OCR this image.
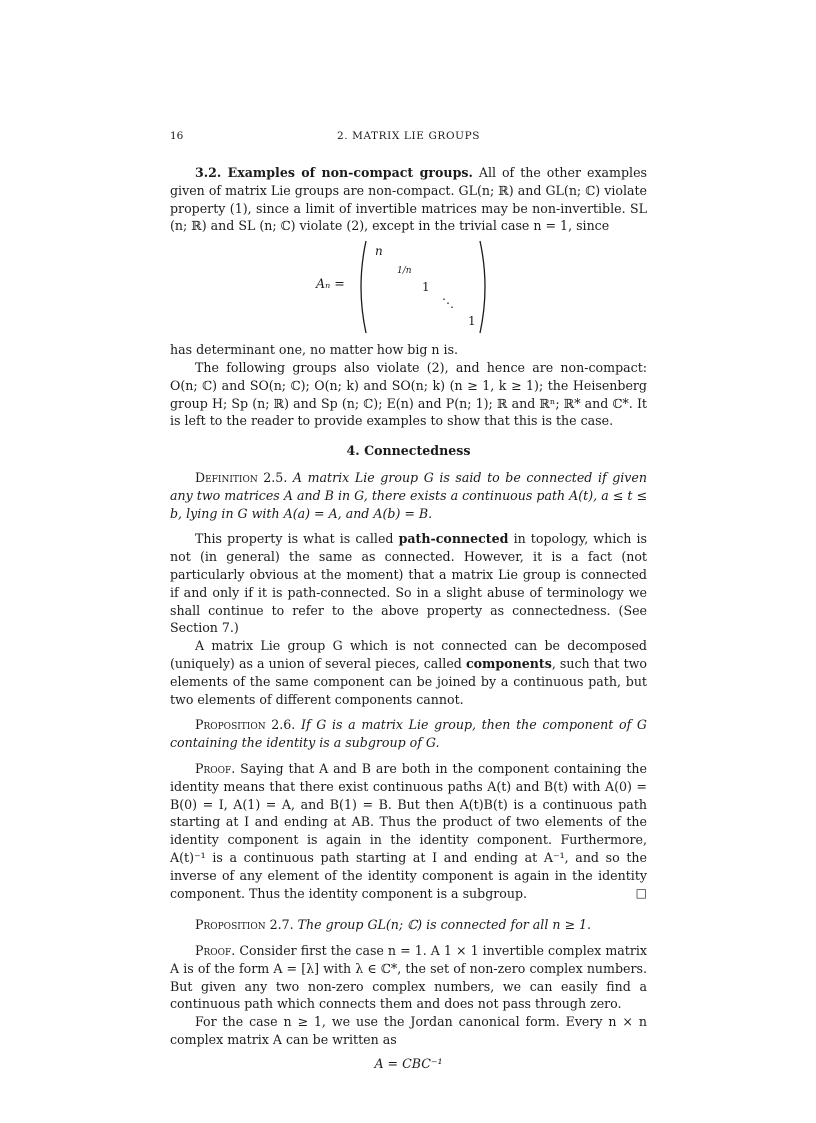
16	2. MATRIX LIE GROUPS

3.2. Examples of non-compact groups. All of the other examples given of matrix Lie groups are non-compact. GL(n; ℝ) and GL(n; ℂ) violate property (1), since a limit of invertible matrices may be non-invertible. SL (n; ℝ) and SL (n; ℂ) violate (2), except in the trivial case n = 1, since

Aₙ =
n
1/n
1
⋱
1

has determinant one, no matter how big n is.

The following groups also violate (2), and hence are non-compact: O(n; ℂ) and SO(n; ℂ); O(n; k) and SO(n; k) (n ≥ 1, k ≥ 1); the Heisenberg group H; Sp (n; ℝ) and Sp (n; ℂ); E(n) and P(n; 1); ℝ and ℝⁿ; ℝ* and ℂ*. It is left to the reader to provide examples to show that this is the case.

4. Connectedness

Definition 2.5. A matrix Lie group G is said to be connected if given any two matrices A and B in G, there exists a continuous path A(t), a ≤ t ≤ b, lying in G with A(a) = A, and A(b) = B.

This property is what is called path-connected in topology, which is not (in general) the same as connected. However, it is a fact (not particularly obvious at the moment) that a matrix Lie group is connected if and only if it is path-connected. So in a slight abuse of terminology we shall continue to refer to the above property as connectedness. (See Section 7.)

A matrix Lie group G which is not connected can be decomposed (uniquely) as a union of several pieces, called components, such that two elements of the same component can be joined by a continuous path, but two elements of different components cannot.

Proposition 2.6. If G is a matrix Lie group, then the component of G containing the identity is a subgroup of G.

Proof. Saying that A and B are both in the component containing the identity means that there exist continuous paths A(t) and B(t) with A(0) = B(0) = I, A(1) = A, and B(1) = B. But then A(t)B(t) is a continuous path starting at I and ending at AB. Thus the product of two elements of the identity component is again in the identity component. Furthermore, A(t)⁻¹ is a continuous path starting at I and ending at A⁻¹, and so the inverse of any element of the identity component is again in the identity component. Thus the identity component is a subgroup.	□

Proposition 2.7. The group GL(n; ℂ) is connected for all n ≥ 1.

Proof. Consider first the case n = 1. A 1 × 1 invertible complex matrix A is of the form A = [λ] with λ ∈ ℂ*, the set of non-zero complex numbers. But given any two non-zero complex numbers, we can easily find a continuous path which connects them and does not pass through zero.

For the case n ≥ 1, we use the Jordan canonical form. Every n × n complex matrix A can be written as

A = CBC⁻¹
